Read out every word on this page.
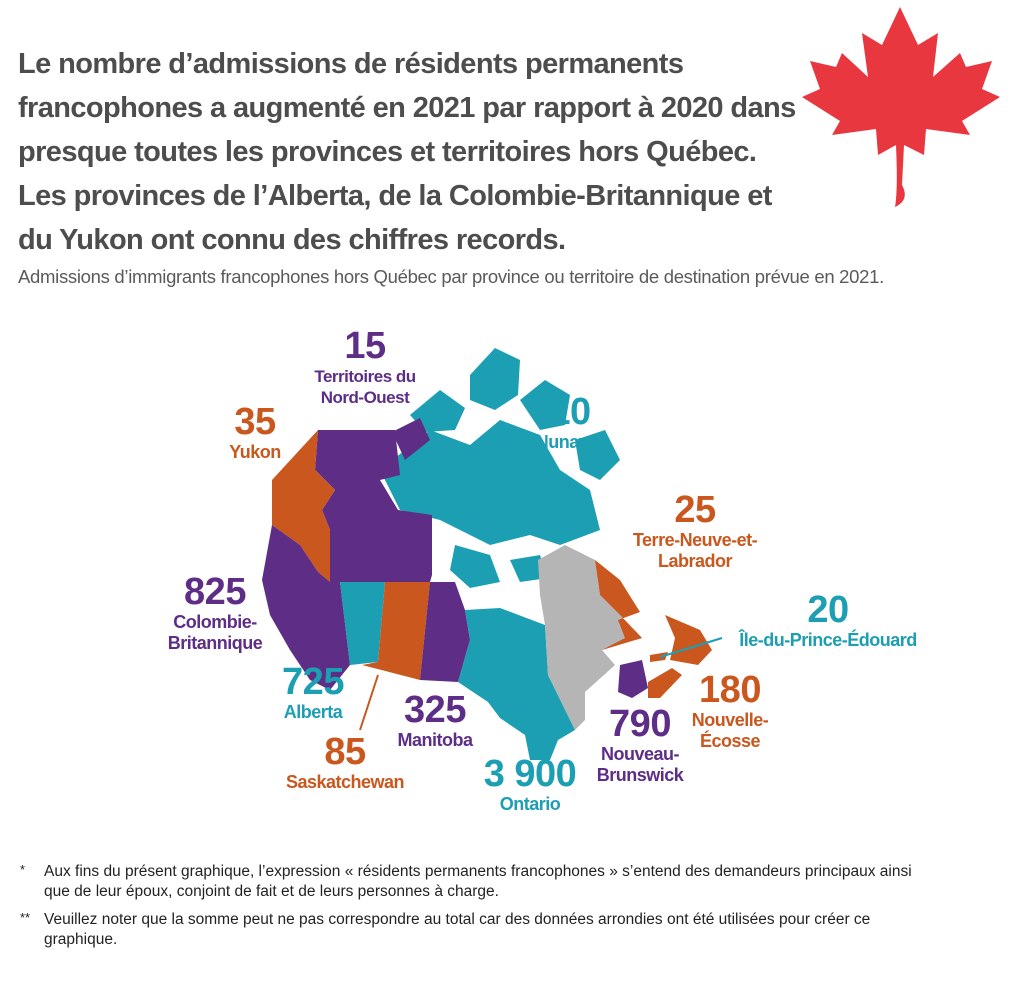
Le nombre d’admissions de résidents permanents francophones a augmenté en 2021 par rapport à 2020 dans presque toutes les provinces et territoires hors Québec. Les provinces de l’Alberta, de la Colombie-Britannique et du Yukon ont connu des chiffres records.

Admissions d’immigrants francophones hors Québec par province ou territoire de destination prévue en 2021.

15
Territoires du Nord-Ouest
35
Yukon
10
Nunavut
25
Terre-Neuve-et-
Labrador
20
Île-du-Prince-Édouard
825
Colombie-
Britannique
725
Alberta
85
Saskatchewan
325
Manitoba
3 900
Ontario
790
Nouveau-
Brunswick
180
Nouvelle-
Écosse
* Aux fins du présent graphique, l’expression « résidents permanents francophones » s’entend des demandeurs principaux ainsi que de leur époux, conjoint de fait et de leurs personnes à charge.
** Veuillez noter que la somme peut ne pas correspondre au total car des données arrondies ont été utilisées pour créer ce graphique.
